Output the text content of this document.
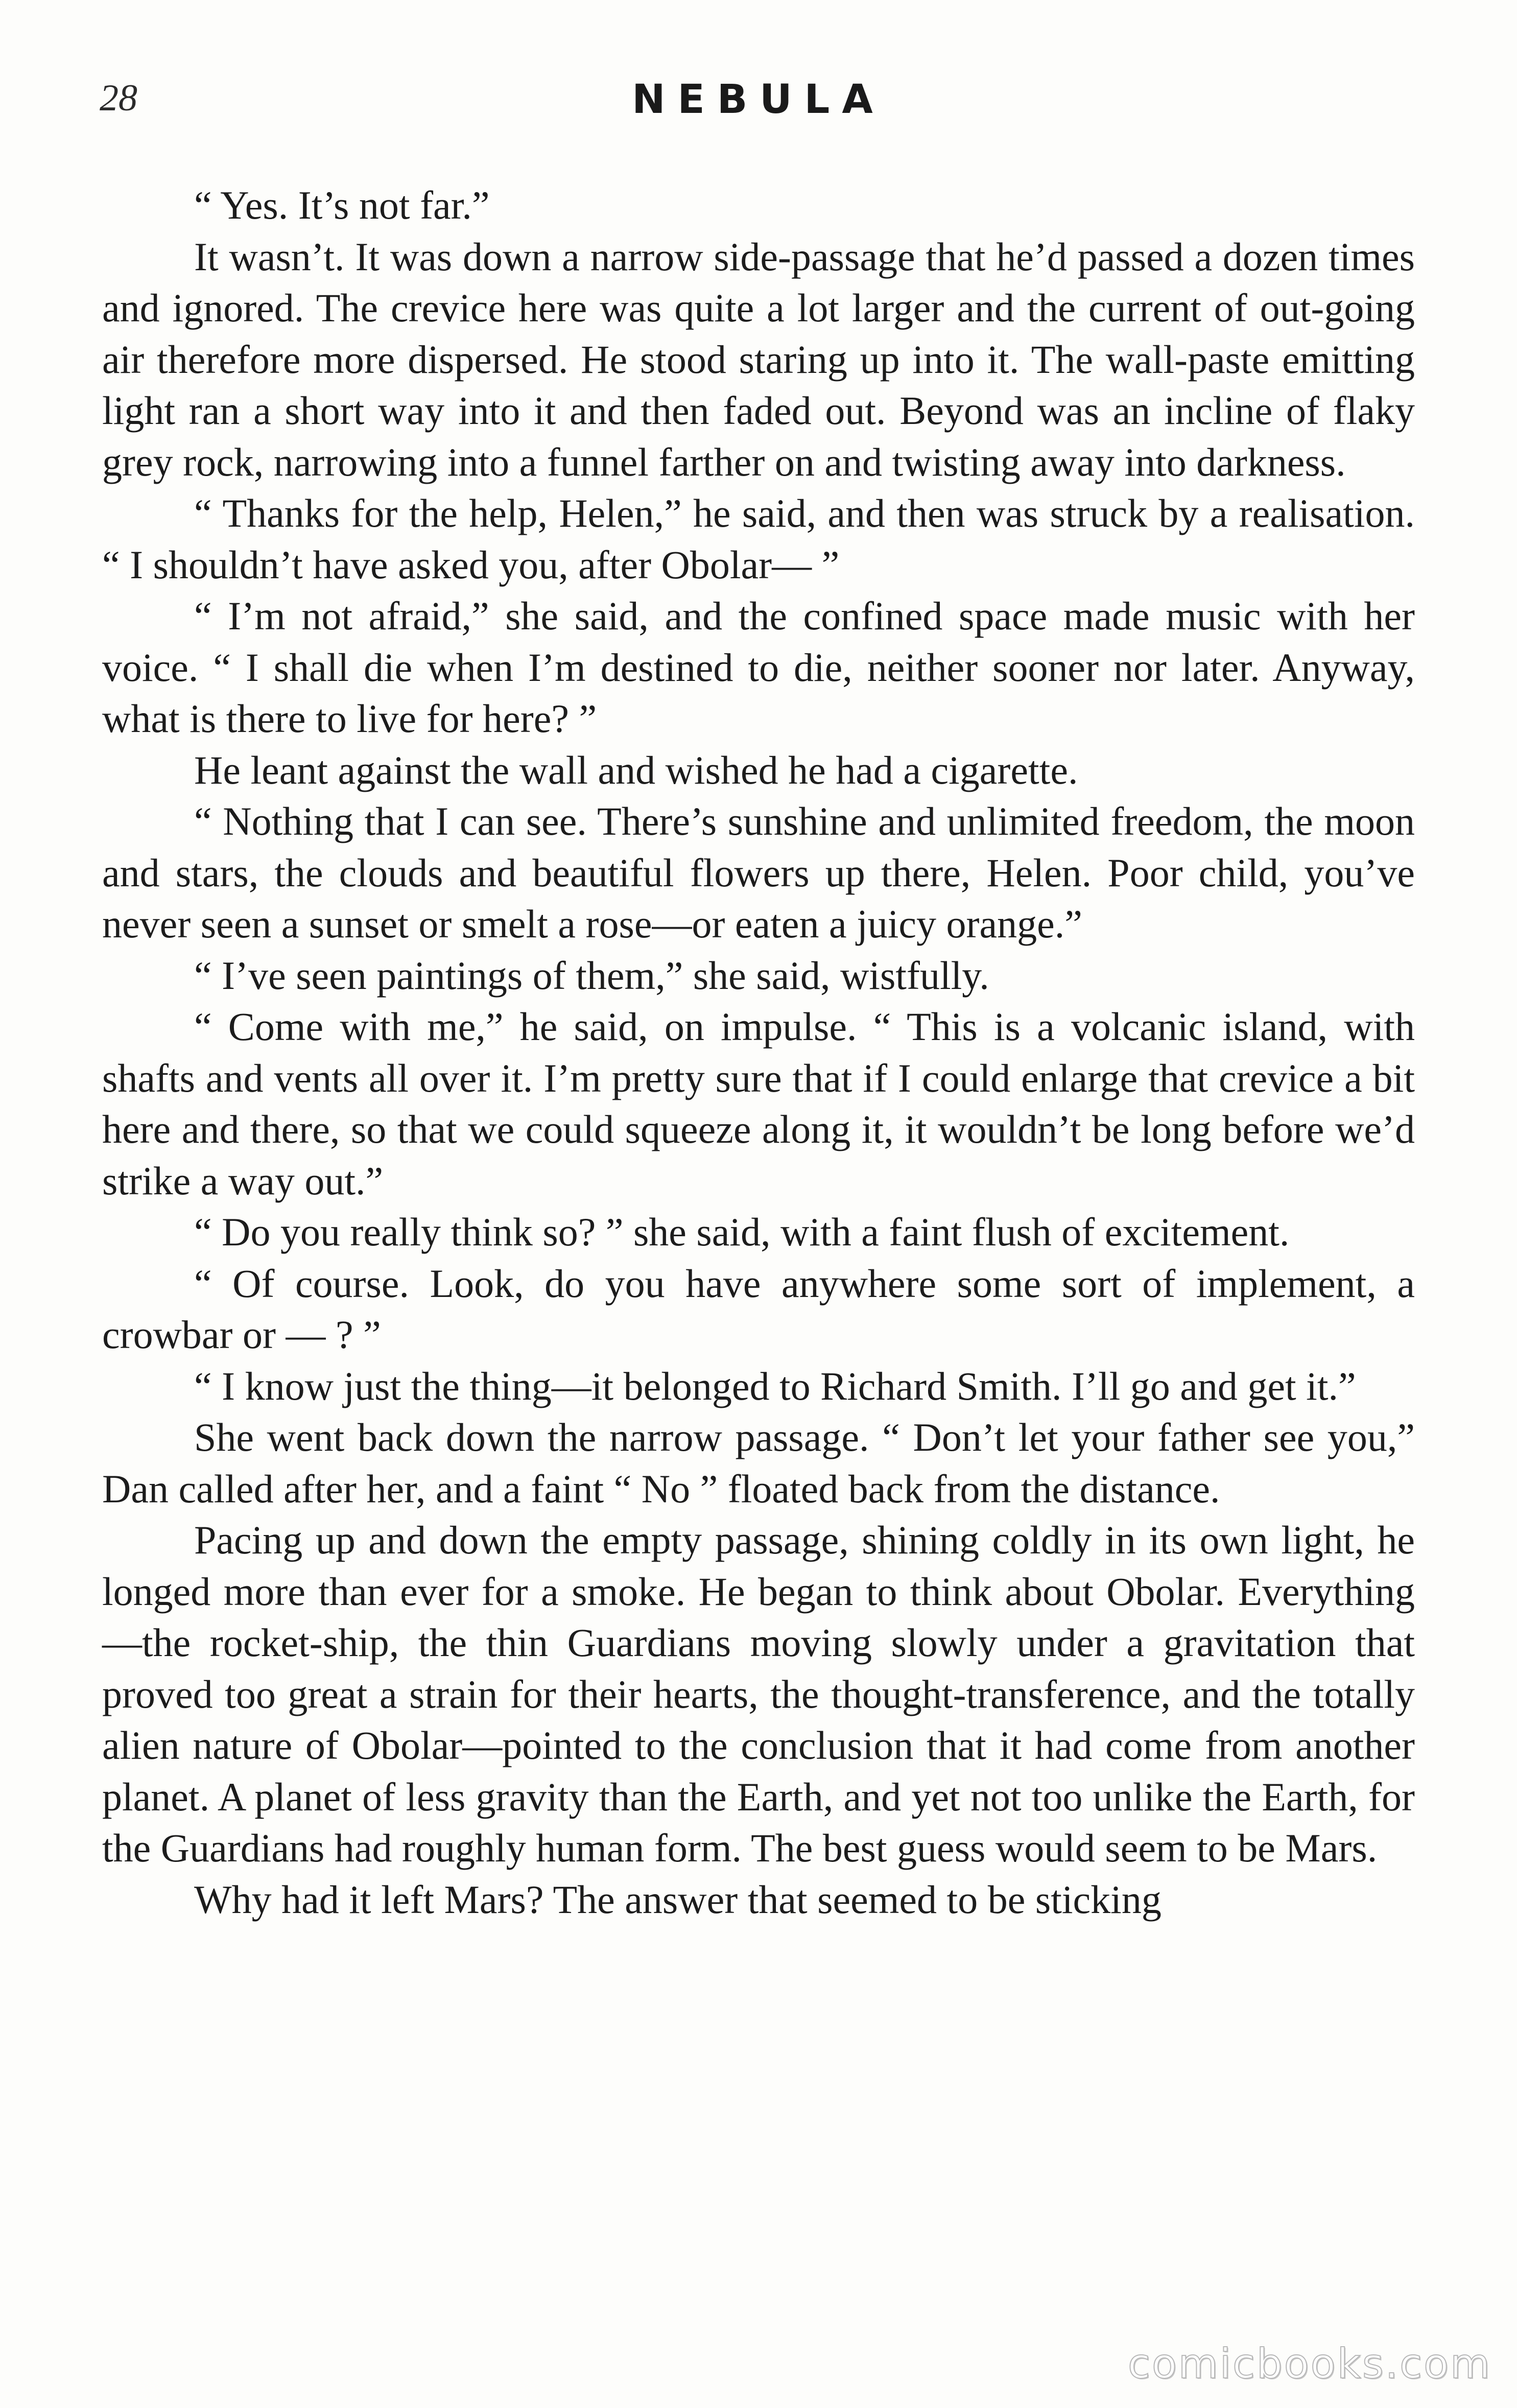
28	NEBULA

“ Yes. It’s not far.”

It wasn’t. It was down a narrow side-passage that he’d passed a dozen times and ignored. The crevice here was quite a lot larger and the current of out-going air therefore more dispersed. He stood staring up into it. The wall-paste emitting light ran a short way into it and then faded out. Beyond was an incline of flaky grey rock, narrowing into a funnel farther on and twisting away into darkness.

“ Thanks for the help, Helen,” he said, and then was struck by a realisation. “ I shouldn’t have asked you, after Obolar— ”

“ I’m not afraid,” she said, and the confined space made music with her voice. “ I shall die when I’m destined to die, neither sooner nor later. Anyway, what is there to live for here? ”

He leant against the wall and wished he had a cigarette.

“ Nothing that I can see. There’s sunshine and unlimited freedom, the moon and stars, the clouds and beautiful flowers up there, Helen. Poor child, you’ve never seen a sunset or smelt a rose—or eaten a juicy orange.”

“ I’ve seen paintings of them,” she said, wistfully.

“ Come with me,” he said, on impulse. “ This is a volcanic island, with shafts and vents all over it. I’m pretty sure that if I could enlarge that crevice a bit here and there, so that we could squeeze along it, it wouldn’t be long before we’d strike a way out.”

“ Do you really think so? ” she said, with a faint flush of excitement.

“ Of course. Look, do you have anywhere some sort of implement, a crowbar or — ? ”

“ I know just the thing—it belonged to Richard Smith. I’ll go and get it.”

She went back down the narrow passage. “ Don’t let your father see you,” Dan called after her, and a faint “ No ” floated back from the distance.

Pacing up and down the empty passage, shining coldly in its own light, he longed more than ever for a smoke. He began to think about Obolar. Everything—the rocket-ship, the thin Guardians moving slowly under a gravitation that proved too great a strain for their hearts, the thought-transference, and the totally alien nature of Obolar—pointed to the conclusion that it had come from another planet. A planet of less gravity than the Earth, and yet not too unlike the Earth, for the Guardians had roughly human form. The best guess would seem to be Mars.

Why had it left Mars? The answer that seemed to be sticking

comicbooks.com
